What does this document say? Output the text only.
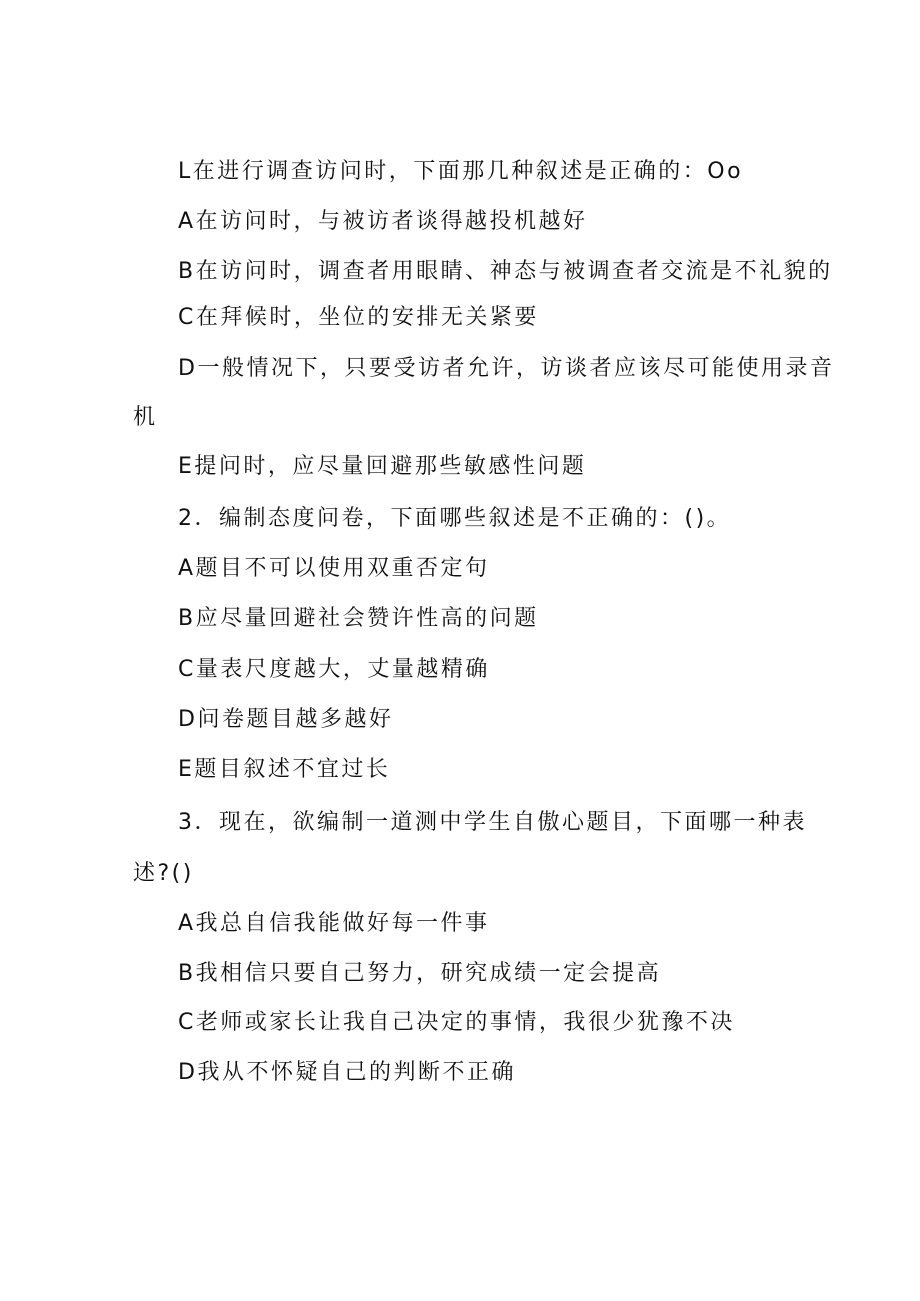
L在进行调查访问时，下面那几种叙述是正确的：Oo
A在访问时，与被访者谈得越投机越好
B在访问时，调查者用眼睛、神态与被调查者交流是不礼貌的
C在拜候时，坐位的安排无关紧要
D一般情况下，只要受访者允许，访谈者应该尽可能使用录音
机
E提问时，应尽量回避那些敏感性问题
2．编制态度问卷，下面哪些叙述是不正确的：()。
A题目不可以使用双重否定句
B应尽量回避社会赞许性高的问题
C量表尺度越大，丈量越精确
D问卷题目越多越好
E题目叙述不宜过长
3．现在，欲编制一道测中学生自傲心题目，下面哪一种表
述?()
A我总自信我能做好每一件事
B我相信只要自己努力，研究成绩一定会提高
C老师或家长让我自己决定的事情，我很少犹豫不决
D我从不怀疑自己的判断不正确
